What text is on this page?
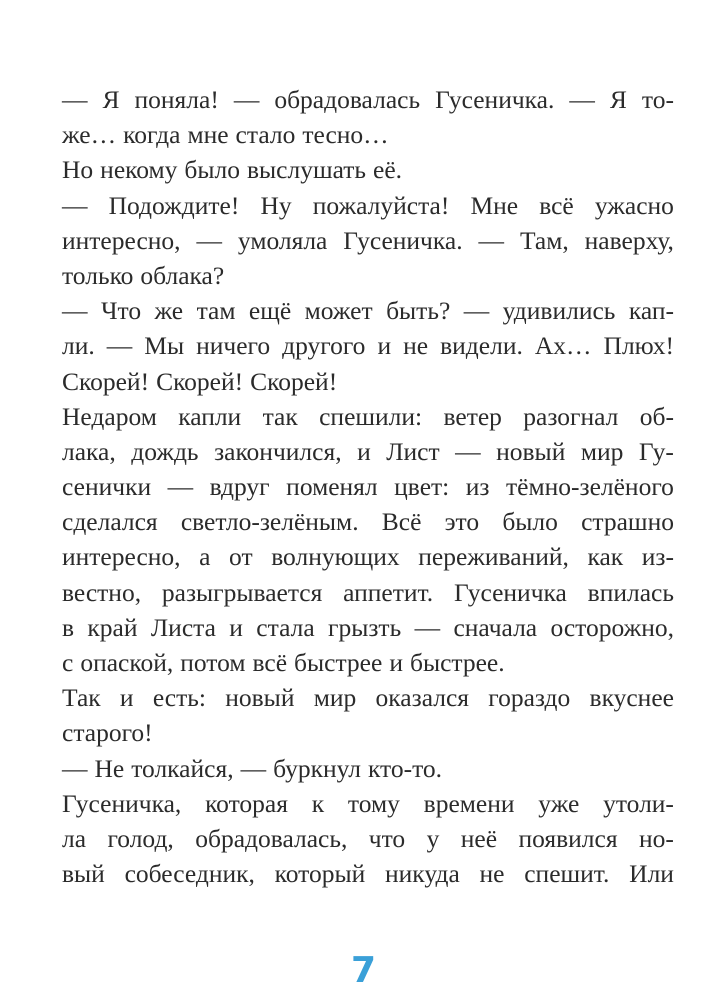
— Я поняла! — обрадовалась Гусеничка. — Я то-
же… когда мне стало тесно…
Но некому было выслушать её.
— Подождите! Ну пожалуйста! Мне всё ужасно
интересно, — умоляла Гусеничка. — Там, наверху,
только облака?
— Что же там ещё может быть? — удивились кап-
ли. — Мы ничего другого и не видели. Ах… Плюх!
Скорей! Скорей! Скорей!
Недаром капли так спешили: ветер разогнал об-
лака, дождь закончился, и Лист — новый мир Гу-
сенички — вдруг поменял цвет: из тёмно-зелёного
сделался светло-зелёным. Всё это было страшно
интересно, а от волнующих переживаний, как из-
вестно, разыгрывается аппетит. Гусеничка впилась
в край Листа и стала грызть — сначала осторожно,
с опаской, потом всё быстрее и быстрее.
Так и есть: новый мир оказался гораздо вкуснее
старого!
— Не толкайся, — буркнул кто-то.
Гусеничка, которая к тому времени уже утоли-
ла голод, обрадовалась, что у неё появился но-
вый собеседник, который никуда не спешит. Или
7
